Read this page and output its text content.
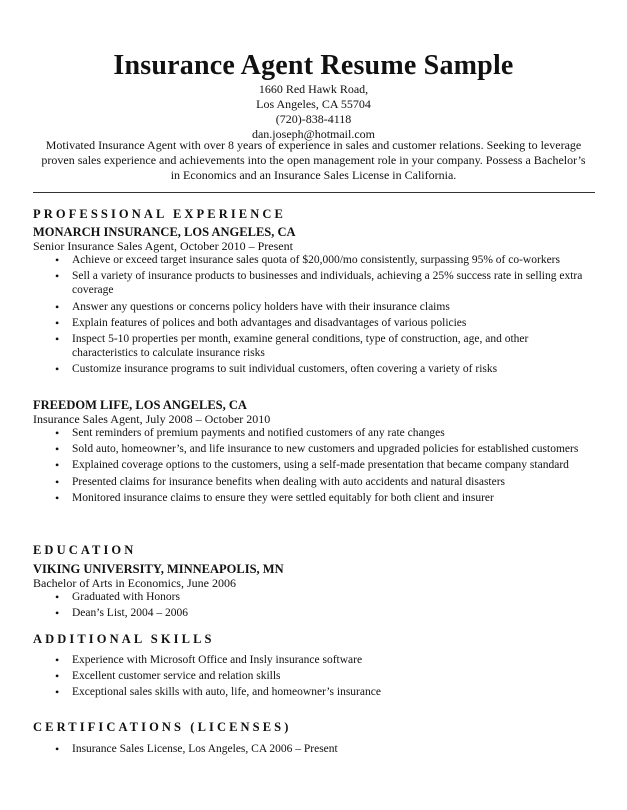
Insurance Agent Resume Sample
1660 Red Hawk Road,
Los Angeles, CA 55704
(720)-838-4118
dan.joseph@hotmail.com
Motivated Insurance Agent with over 8 years of experience in sales and customer relations. Seeking to leverage proven sales experience and achievements into the open management role in your company. Possess a Bachelor’s in Economics and an Insurance Sales License in California.
PROFESSIONAL EXPERIENCE
MONARCH INSURANCE, LOS ANGELES, CA
Senior Insurance Sales Agent, October 2010 – Present
• Achieve or exceed target insurance sales quota of $20,000/mo consistently, surpassing 95% of co-workers
• Sell a variety of insurance products to businesses and individuals, achieving a 25% success rate in selling extra coverage
• Answer any questions or concerns policy holders have with their insurance claims
• Explain features of polices and both advantages and disadvantages of various policies
• Inspect 5-10 properties per month, examine general conditions, type of construction, age, and other characteristics to calculate insurance risks
• Customize insurance programs to suit individual customers, often covering a variety of risks
FREEDOM LIFE, LOS ANGELES, CA
Insurance Sales Agent, July 2008 – October 2010
• Sent reminders of premium payments and notified customers of any rate changes
• Sold auto, homeowner’s, and life insurance to new customers and upgraded policies for established customers
• Explained coverage options to the customers, using a self-made presentation that became company standard
• Presented claims for insurance benefits when dealing with auto accidents and natural disasters
• Monitored insurance claims to ensure they were settled equitably for both client and insurer
EDUCATION
VIKING UNIVERSITY, MINNEAPOLIS, MN
Bachelor of Arts in Economics, June 2006
• Graduated with Honors
• Dean’s List, 2004 – 2006
ADDITIONAL SKILLS
• Experience with Microsoft Office and Insly insurance software
• Excellent customer service and relation skills
• Exceptional sales skills with auto, life, and homeowner’s insurance
CERTIFICATIONS (LICENSES)
• Insurance Sales License, Los Angeles, CA 2006 – Present
